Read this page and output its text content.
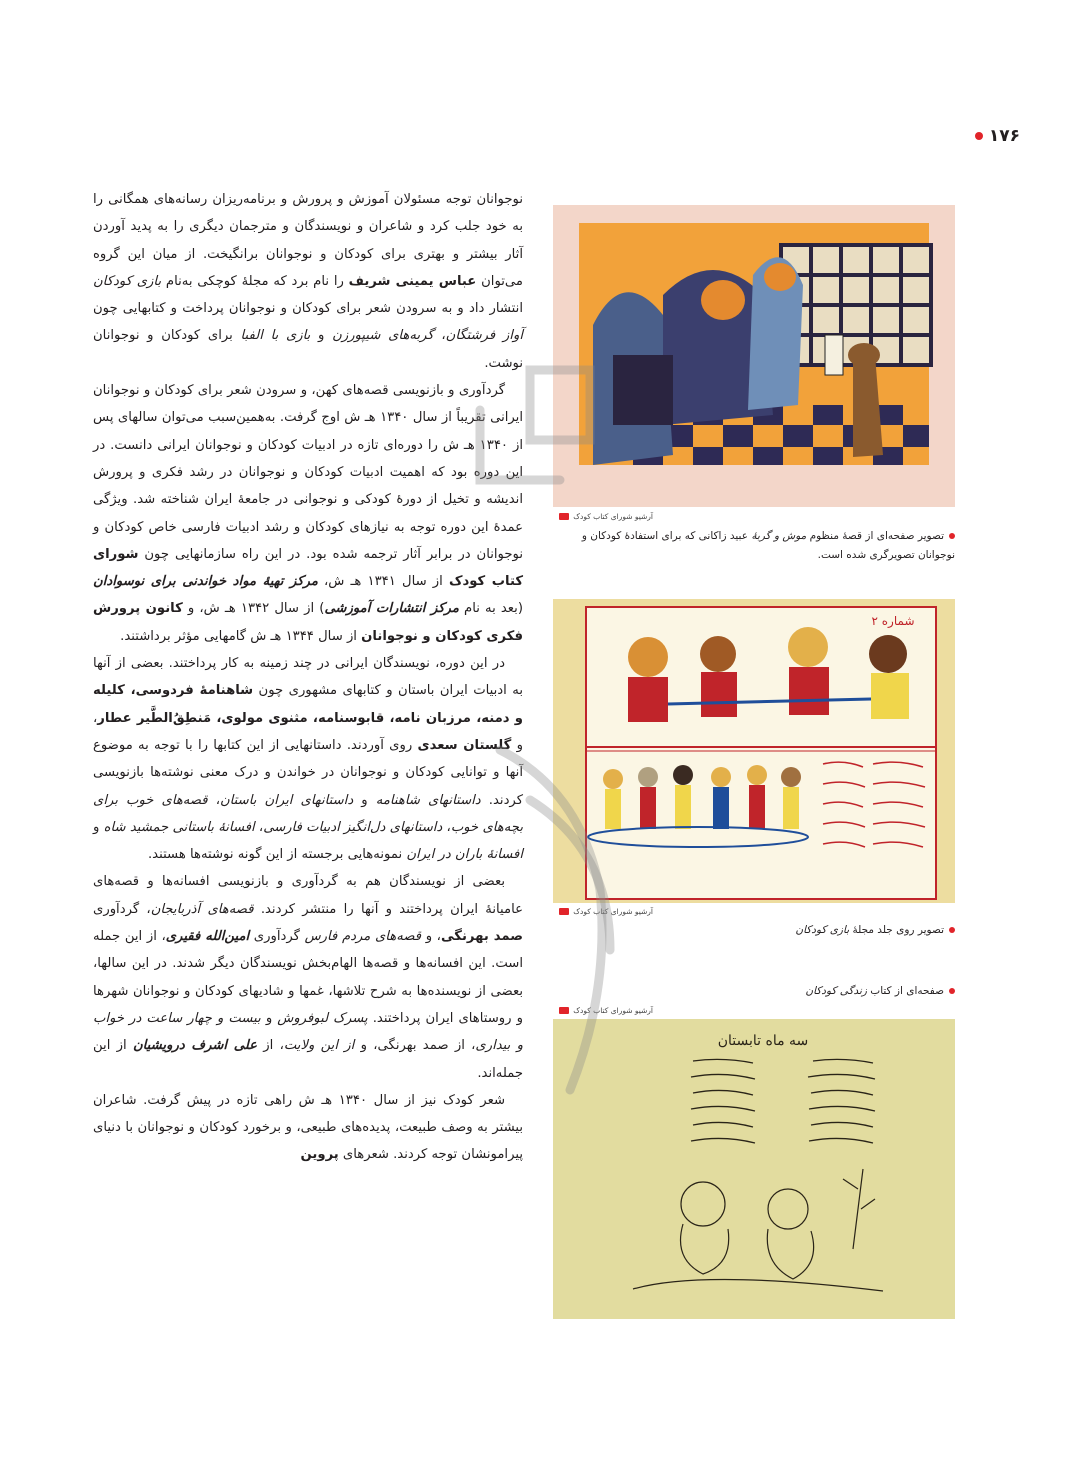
۱۷۶

نوجوانان توجه مسئولان آموزش و پرورش و برنامه‌ریزان رسانه‌های همگانی را به خود جلب کرد و شاعران و نویسندگان و مترجمان دیگری را به پدید آوردن آثار بیشتر و بهتری برای کودکان و نوجوانان برانگیخت. از میان این گروه می‌توان عباس یمینی شریف را نام برد که مجلهٔ کوچکی به‌نام بازی کودکان انتشار داد و به سرودن شعر برای کودکان و نوجوانان پرداخت و کتابهایی چون آواز فرشتگان، گربه‌های شیپورزن و بازی با الفبا برای کودکان و نوجوانان نوشت.

گردآوری و بازنویسی قصه‌های کهن، و سرودن شعر برای کودکان و نوجوانان ایرانی تقریباً از سال ۱۳۴۰ هـ ش اوج گرفت. به‌همین‌سبب می‌توان سالهای پس از ۱۳۴۰ هـ ش را دوره‌ای تازه در ادبیات کودکان و نوجوانان ایرانی دانست. در این دوره بود که اهمیت ادبیات کودکان و نوجوانان در رشد فکری و پرورش اندیشه و تخیل از دورهٔ کودکی و نوجوانی در جامعهٔ ایران شناخته شد. ویژگی عمدهٔ این دوره توجه به نیازهای کودکان و رشد ادبیات فارسی خاص کودکان و نوجوانان در برابر آثار ترجمه شده بود. در این راه سازمانهایی چون شورای کتاب کودک از سال ۱۳۴۱ هـ ش، مرکز تهیهٔ مواد خواندنی برای نوسوادان (بعد به نام مرکز انتشارات آموزشی) از سال ۱۳۴۲ هـ ش، و کانون پرورش فکری کودکان و نوجوانان از سال ۱۳۴۴ هـ ش گامهایی مؤثر برداشتند.

در این دوره، نویسندگان ایرانی در چند زمینه به کار پرداختند. بعضی از آنها به ادبیات ایران باستان و کتابهای مشهوری چون شاهنامهٔ فردوسی، کلیله و دمنه، مرزبان نامه، قابوسنامه، مثنوی مولوی، مَنطِقُ‌الطَّیر عطار، و گلستان سعدی روی آوردند. داستانهایی از این کتابها را با توجه به موضوع آنها و توانایی کودکان و نوجوانان در خواندن و درک معنی نوشته‌ها بازنویسی کردند. داستانهای شاهنامه و داستانهای ایران باستان، قصه‌های خوب برای بچه‌های خوب، داستانهای دل‌انگیز ادبیات فارسی، افسانهٔ باستانی جمشید شاه و افسانهٔ باران در ایران نمونه‌هایی برجسته از این گونه نوشته‌ها هستند.

بعضی از نویسندگان هم به گردآوری و بازنویسی افسانه‌ها و قصه‌های عامیانهٔ ایران پرداختند و آنها را منتشر کردند. قصه‌های آذربایجان، گردآوری صمد بهرنگی، و قصه‌های مردم فارس گردآوری امین‌الله فقیری، از این جمله است. این افسانه‌ها و قصه‌ها الهام‌بخش نویسندگان دیگر شدند. در این سالها، بعضی از نویسنده‌ها به شرح تلاشها، غمها و شادیهای کودکان و نوجوانان شهرها و روستاهای ایران پرداختند. پسرک لبوفروش و بیست و چهار ساعت در خواب و بیداری، از صمد بهرنگی، و از این ولایت، از علی اشرف درویشیان از این جمله‌اند.

شعر کودک نیز از سال ۱۳۴۰ هـ ش راهی تازه در پیش گرفت. شاعران بیشتر به وصف طبیعت، پدیده‌های طبیعی، و برخورد کودکان و نوجوانان با دنیای پیرامونشان توجه کردند. شعرهای پروین

آرشیو شورای کتاب کودک
تصویر صفحه‌ای از قصهٔ منظوم موش و گربهٔ عبید زاکانی که برای استفادهٔ کودکان و نوجوانان تصویرگری شده است.
شماره ۲
آرشیو شورای کتاب کودک
تصویر روی جلد مجلهٔ بازی کودکان
صفحه‌ای از کتاب زندگی کودکان
آرشیو شورای کتاب کودک
سه ماه تابستان
